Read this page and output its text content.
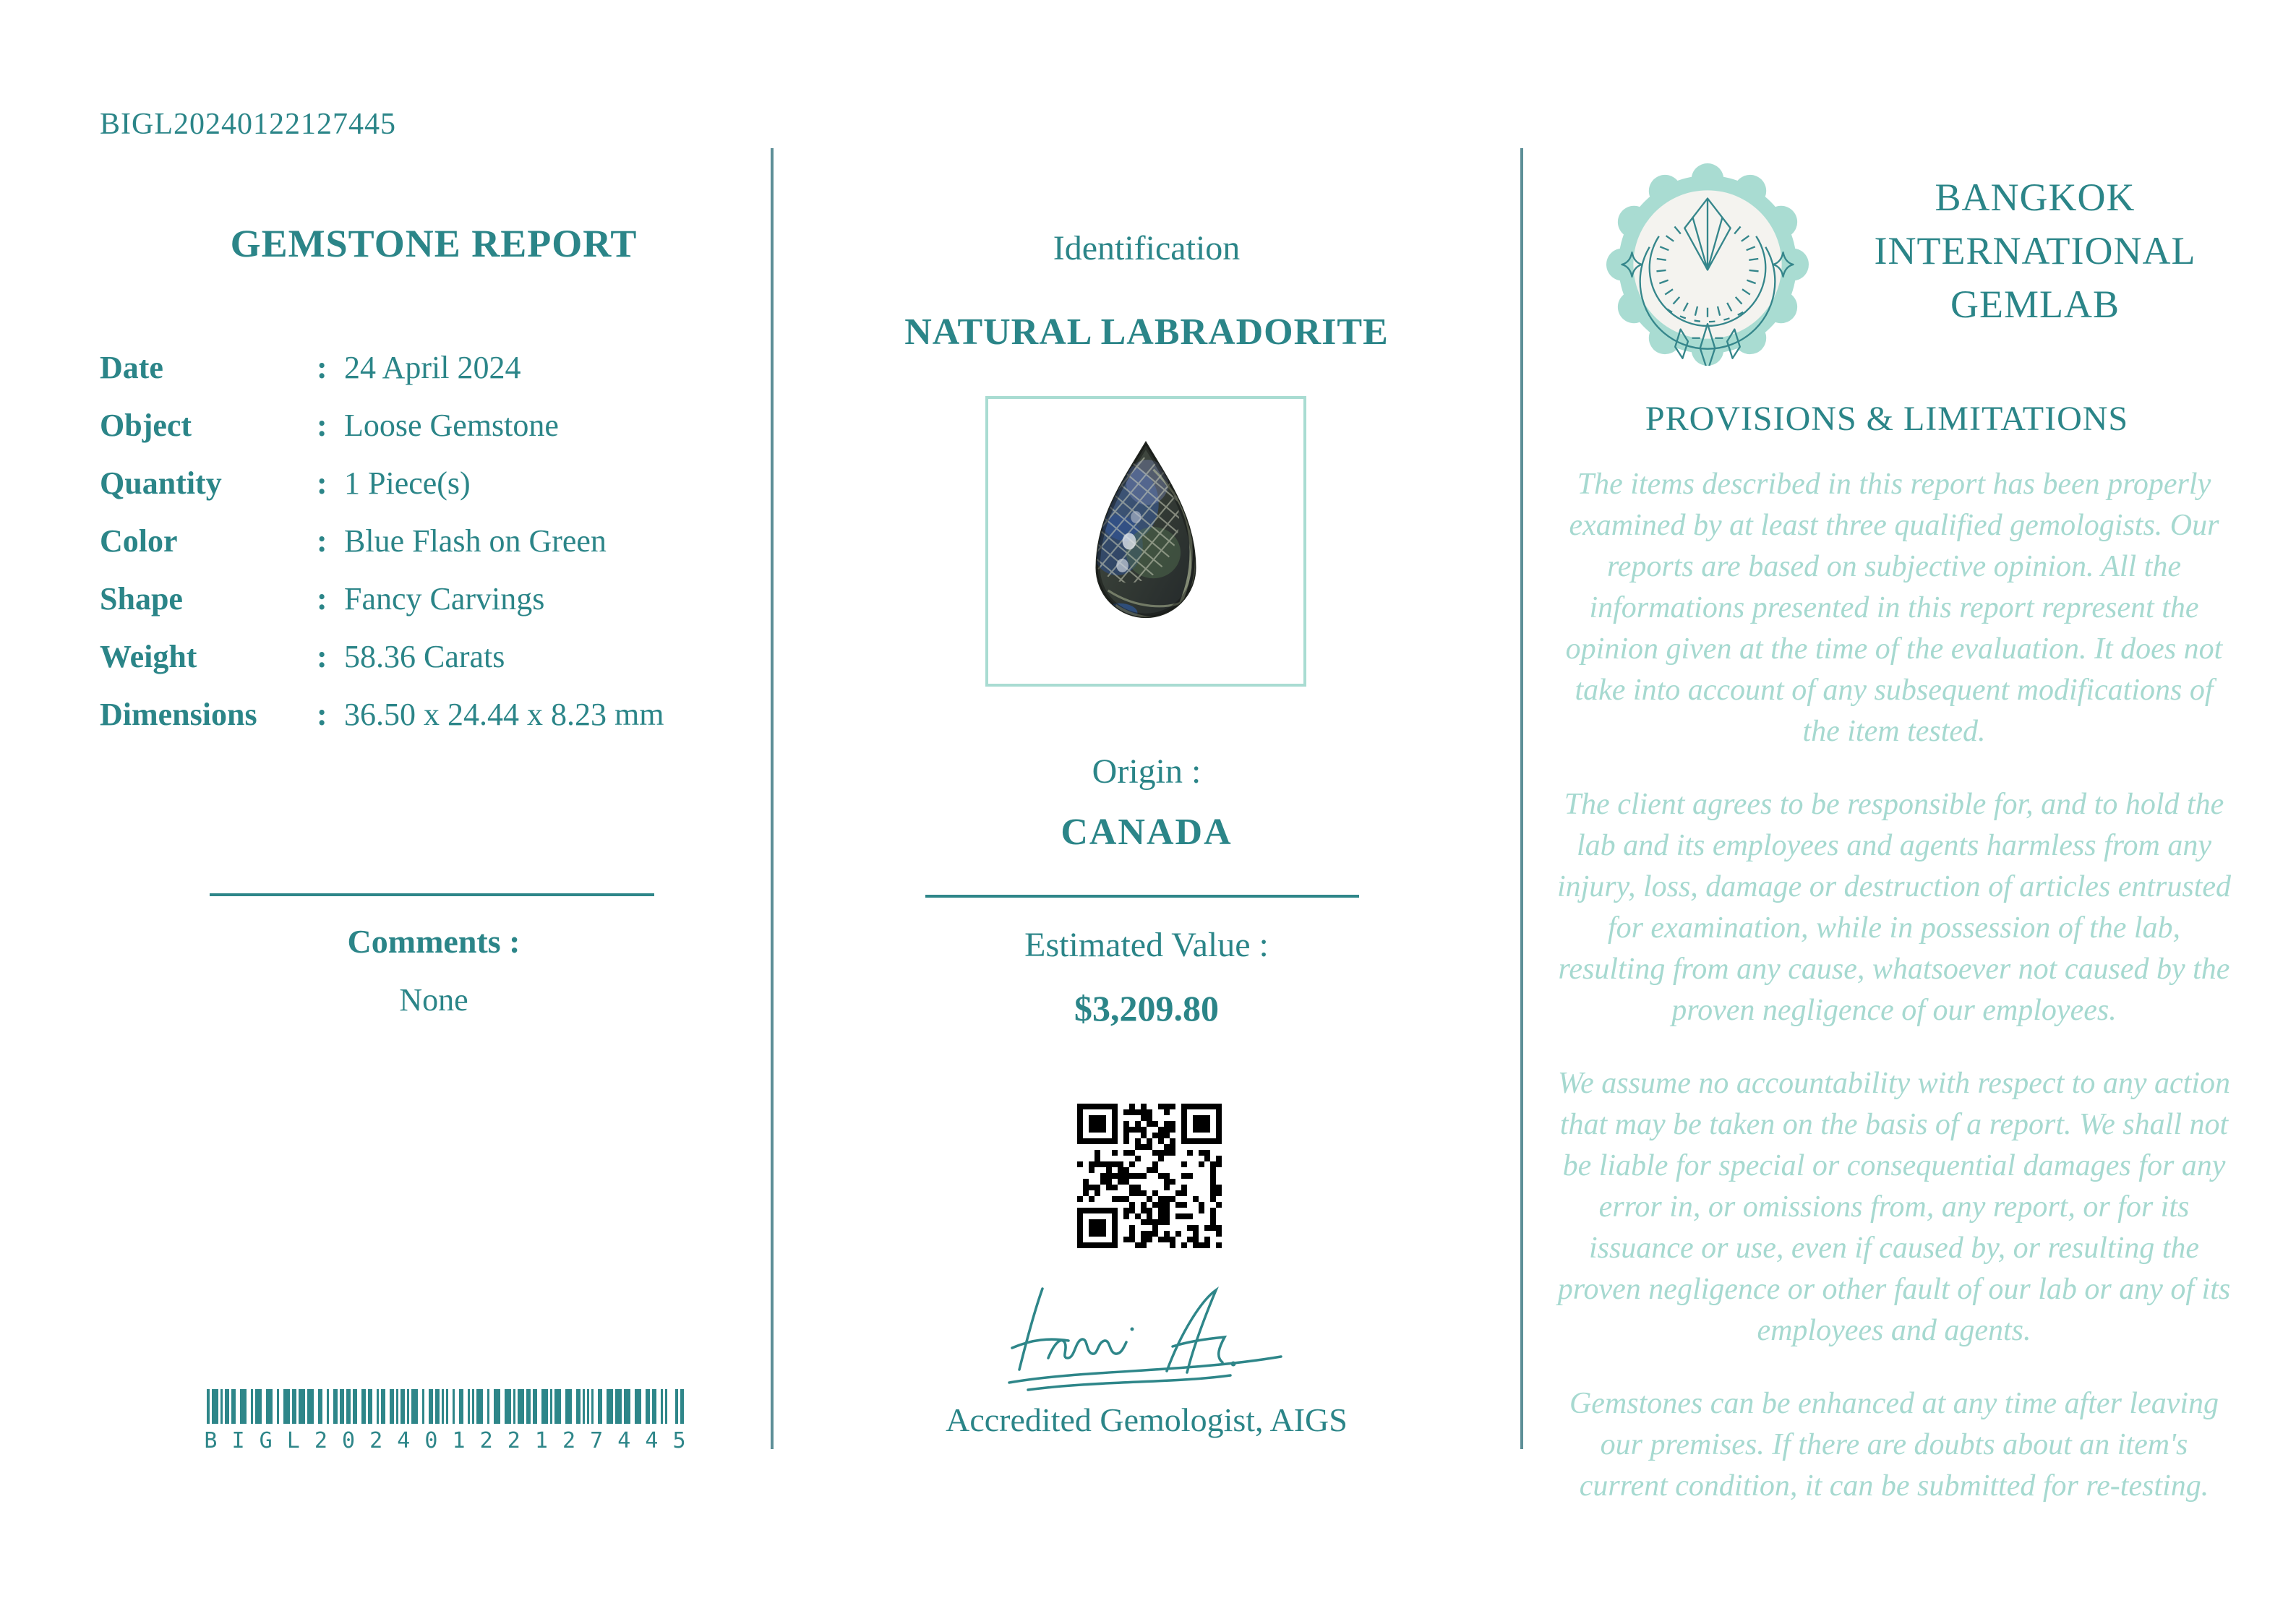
BIGL20240122127445
GEMSTONE REPORT
Date	: 24 April 2024
Object	: Loose Gemstone
Quantity	: 1 Piece(s)
Color	: Blue Flash on Green
Shape	: Fancy Carvings
Weight	: 58.36 Carats
Dimensions	: 36.50 x 24.44 x 8.23 mm
Comments :
None
B I G L 2 0 2 4 0 1 2 2 1 2 7 4 4 5
Identification
NATURAL LABRADORITE
Origin :
CANADA
Estimated Value :
$3,209.80
Accredited Gemologist, AIGS
BANGKOK
INTERNATIONAL
GEMLAB
PROVISIONS & LIMITATIONS

The items described in this report has been properly examined by at least three qualified gemologists. Our reports are based on subjective opinion. All the informations presented in this report represent the opinion given at the time of the evaluation. It does not take into account of any subsequent modifications of the item tested.

The client agrees to be responsible for, and to hold the lab and its employees and agents harmless from any injury, loss, damage or destruction of articles entrusted for examination, while in possession of the lab, resulting from any cause, whatsoever not caused by the proven negligence of our employees.

We assume no accountability with respect to any action that may be taken on the basis of a report. We shall not be liable for special or consequential damages for any error in, or omissions from, any report, or for its issuance or use, even if caused by, or resulting the proven negligence or other fault of our lab or any of its employees and agents.

Gemstones can be enhanced at any time after leaving our premises. If there are doubts about an item's current condition, it can be submitted for re-testing.
